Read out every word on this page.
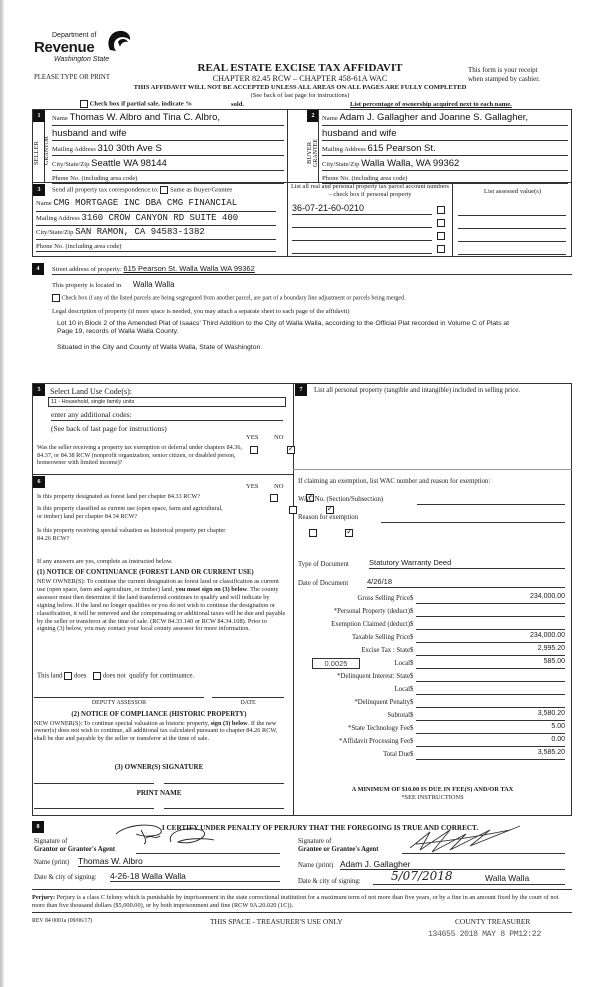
Department of
Revenue
Washington State
PLEASE TYPE OR PRINT
REAL ESTATE EXCISE TAX AFFIDAVIT
CHAPTER 82.45 RCW – CHAPTER 458-61A WAC
This form is your receipt
when stamped by cashier.
THIS AFFIDAVIT WILL NOT BE ACCEPTED UNLESS ALL AREAS ON ALL PAGES ARE FULLY COMPLETED
(See back of last page for instructions)
Check box if partial sale, indicate %	sold.	List percentage of ownership acquired next to each name.
1
SELLER GRANTOR
Name Thomas W. Albro and Tina C. Albro,
husband and wife
Mailing Address 310 30th Ave S
City/State/Zip Seattle WA 98144
Phone No. (including area code)
2
BUYER GRANTEE
Name Adam J. Gallagher and Joanne S. Gallagher,
husband and wife
Mailing Address 615 Pearson St.
City/State/Zip Walla Walla, WA 99362
Phone No. (including area code)
3	Send all property tax correspondence to: Same as Buyer/Grantee
Name CMG MORTGAGE INC DBA CMG FINANCIAL
Mailing Address 3160 CROW CANYON RD SUITE 400
City/State/Zip SAN RAMON, CA 94583-1382
Phone No. (including area code)
List all real and personal property tax parcel account numbers – check box if personal property	List assessed value(s)
36-07-21-60-0210
4	Street address of property: 615 Pearson St. Walla Walla WA 99362
This property is located in Walla Walla
Check box if any of the listed parcels are being segregated from another parcel, are part of a boundary line adjustment or parcels being merged.
Legal description of property (if more space is needed, you may attach a separate sheet to each page of the affidavit)
Lot 10 in Block 2 of the Amended Plat of Isaacs' Third Addition to the City of Walla Walla, according to the Official Plat recorded in Volume C of Plats at Page 19, records of Walla Walla County.
Situated in the City and County of Walla Walla, State of Washington.
5	Select Land Use Code(s):
11 - Household, single family units
enter any additional codes:
(See back of last page for instructions)
YES NO
Was the seller receiving a property tax exemption or deferral under chapters 84.36, 84.37, or 84.38 RCW (nonprofit organization, senior citizen, or disabled person, homeowner with limited income)?
✓
6
YES NO
Is this property designated as forest land per chapter 84.33 RCW?
✓
Is this property classified as current use (open space, farm and agricultural, or timber) land per chapter 84.34 RCW?
✓
Is this property receiving special valuation as historical property per chapter 84.26 RCW?
✓
If any answers are yes, complete as instructed below.
(1) NOTICE OF CONTINUANCE (FOREST LAND OR CURRENT USE)
NEW OWNER(S): To continue the current designation as forest land or classification as current use (open space, farm and agriculture, or timber) land, you must sign on (3) below. The county assessor must then determine if the land transferred continues to qualify and will indicate by signing below. If the land no longer qualifies or you do not wish to continue the designation or classification, it will be removed and the compensating or additional taxes will be due and payable by the seller or transferor at the time of sale. (RCW 84.33.140 or RCW 84.34.108). Prior to signing (3) below, you may contact your local county assessor for more information.
This land does does not qualify for continuance.
DEPUTY ASSESSOR	DATE
(2) NOTICE OF COMPLIANCE (HISTORIC PROPERTY)
NEW OWNER(S): To continue special valuation as historic property, sign (3) below. If the new owner(s) does not wish to continue, all additional tax calculated pursuant to chapter 84.26 RCW, shall be due and payable by the seller or transferor at the time of sale.
(3) OWNER(S) SIGNATURE
PRINT NAME
7	List all personal property (tangible and intangible) included in selling price.
If claiming an exemption, list WAC number and reason for exemption:
WAC No. (Section/Subsection)
Reason for exemption
Type of Document	Statutory Warranty Deed
Date of Document	4/26/18
Gross Selling Price $	234,000.00
*Personal Property (deduct) $
Exemption Claimed (deduct) $
Taxable Selling Price $	234,000.00
Excise Tax : State $	2,995.20
0.0025	Local $	585.00
*Delinquent Interest: State $
Local $
*Delinquent Penalty $
Subtotal $	3,580.20
*State Technology Fee $	5.00
*Affidavit Processing Fee $	0.00
Total Due $	3,585.20
A MINIMUM OF $10.00 IS DUE IN FEE(S) AND/OR TAX
*SEE INSTRUCTIONS
8	I CERTIFY UNDER PENALTY OF PERJURY THAT THE FOREGOING IS TRUE AND CORRECT.
Signature of
Grantor or Grantor's Agent
Name (print) Thomas W. Albro
Date & city of signing: 4-26-18 Walla Walla
Signature of
Grantee or Grantee's Agent
Name (print) Adam J. Gallagher
Date & city of signing:	5/07/2018	Walla Walla
Perjury: Perjury is a class C felony which is punishable by imprisonment in the state correctional institution for a maximum term of not more than five years, or by a fine in an amount fixed by the court of not more than five thousand dollars ($5,000.00), or by both imprisonment and fine (RCW 9A.20.020 (1C)).
REV 84 0001a (09/06/17)	THIS SPACE - TREASURER'S USE ONLY	COUNTY TREASURER
134655 2018 MAY 8 PM12:22
